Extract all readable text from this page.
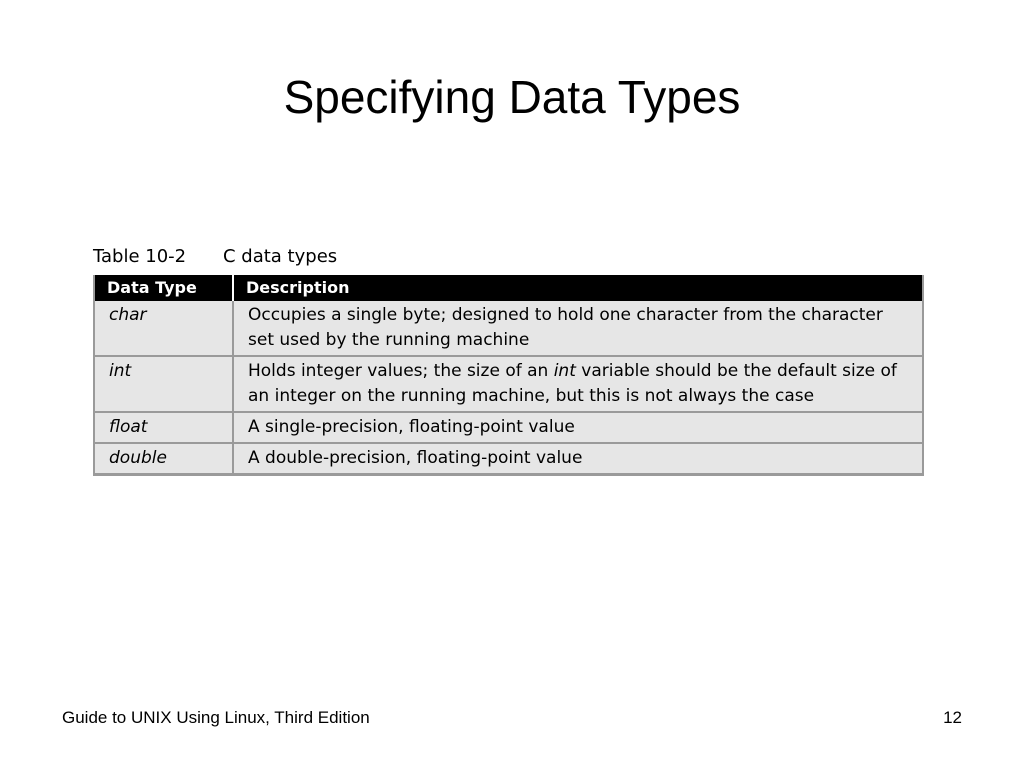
Specifying Data Types
Table 10-2 C data types
Data Type	Description
char	Occupies a single byte; designed to hold one character from the character set used by the running machine
int	Holds integer values; the size of an int variable should be the default size of an integer on the running machine, but this is not always the case
float	A single-precision, floating-point value
double	A double-precision, floating-point value
Guide to UNIX Using Linux, Third Edition	12
